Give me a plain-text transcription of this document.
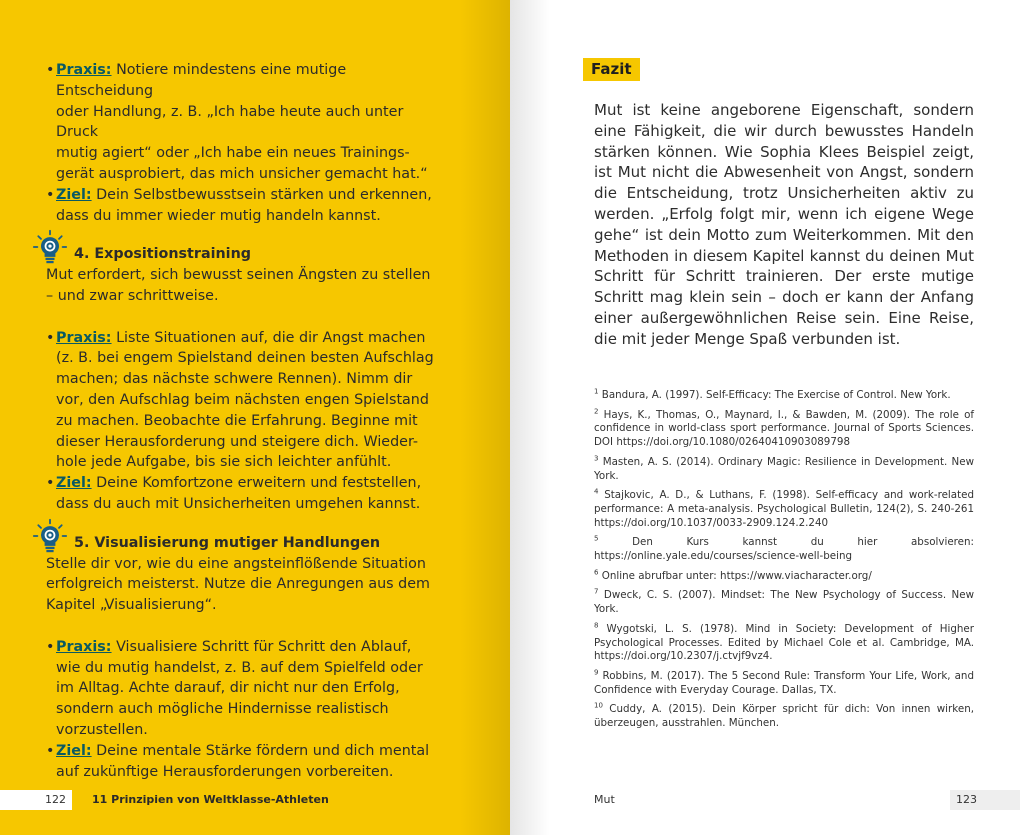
• Praxis: Notiere mindestens eine mutige Entscheidung
oder Handlung, z. B. „Ich habe heute auch unter Druck
mutig agiert“ oder „Ich habe ein neues Trainings-
gerät ausprobiert, das mich unsicher gemacht hat.“
• Ziel: Dein Selbstbewusstsein stärken und erkennen,
dass du immer wieder mutig handeln kannst.
4. Expositionstraining
Mut erfordert, sich bewusst seinen Ängsten zu stellen
– und zwar schrittweise.
• Praxis: Liste Situationen auf, die dir Angst machen
(z. B. bei engem Spielstand deinen besten Aufschlag
machen; das nächste schwere Rennen). Nimm dir
vor, den Aufschlag beim nächsten engen Spielstand
zu machen. Beobachte die Erfahrung. Beginne mit
dieser Herausforderung und steigere dich. Wieder-
hole jede Aufgabe, bis sie sich leichter anfühlt.
• Ziel: Deine Komfortzone erweitern und feststellen,
dass du auch mit Unsicherheiten umgehen kannst.
5. Visualisierung mutiger Handlungen
Stelle dir vor, wie du eine angsteinflößende Situation
erfolgreich meisterst. Nutze die Anregungen aus dem
Kapitel „Visualisierung“.
• Praxis: Visualisiere Schritt für Schritt den Ablauf,
wie du mutig handelst, z. B. auf dem Spielfeld oder
im Alltag. Achte darauf, dir nicht nur den Erfolg,
sondern auch mögliche Hindernisse realistisch
vorzustellen.
• Ziel: Deine mentale Stärke fördern und dich mental
auf zukünftige Herausforderungen vorbereiten.
Fazit
Mut ist keine angeborene Eigenschaft, sondern eine Fähigkeit, die wir durch bewusstes Handeln stärken können. Wie Sophia Klees Beispiel zeigt, ist Mut nicht die Abwesenheit von Angst, sondern die Entscheidung, trotz Unsicherheiten aktiv zu werden. „Erfolg folgt mir, wenn ich eigene Wege gehe“ ist dein Motto zum Weiterkommen. Mit den Methoden in diesem Kapitel kannst du deinen Mut Schritt für Schritt trainieren. Der erste mutige Schritt mag klein sein – doch er kann der Anfang einer außergewöhnlichen Reise sein. Eine Reise, die mit jeder Menge Spaß verbunden ist.
$^1$ Bandura, A. (1997). Self-Efficacy: The Exercise of Control. New York.
$^2$ Hays, K., Thomas, O., Maynard, I., & Bawden, M. (2009). The role of confidence in world-class sport performance. Journal of Sports Sciences. DOI https://doi.org/10.1080/02640410903089798
$^3$ Masten, A. S. (2014). Ordinary Magic: Resilience in Development. New York.
$^4$ Stajkovic, A. D., & Luthans, F. (1998). Self-efficacy and work-related performance: A meta-analysis. Psychological Bulletin, 124(2), S. 240-261 https://doi.org/10.1037/0033-2909.124.2.240
$^5$	Den Kurs kannst du hier absolvieren: https://online.yale.edu/courses/science-well-being
$^6$ Online abrufbar unter: https://www.viacharacter.org/
$^7$ Dweck, C. S. (2007). Mindset: The New Psychology of Success. New York.
$^8$ Wygotski, L. S. (1978). Mind in Society: Development of Higher Psychological Processes. Edited by Michael Cole et al. Cambridge, MA. https://doi.org/10.2307/j.ctvjf9vz4.
$^9$ Robbins, M. (2017). The 5 Second Rule: Transform Your Life, Work, and Confidence with Everyday Courage. Dallas, TX.
$^{10}$ Cuddy, A. (2015). Dein Körper spricht für dich: Von innen wirken, überzeugen, ausstrahlen. München.
122 11 Prinzipien von Weltklasse-Athleten	Mut	123
